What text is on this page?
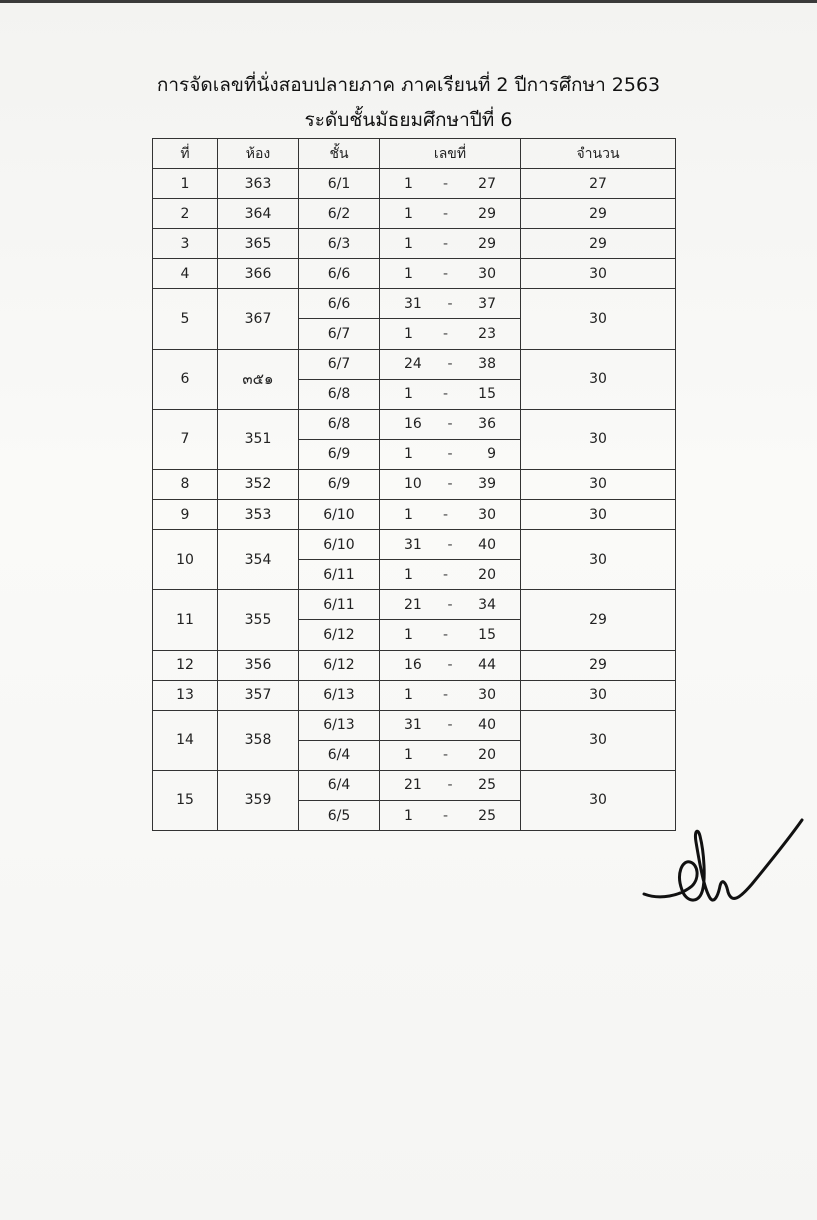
การจัดเลขที่นั่งสอบปลายภาค ภาคเรียนที่ 2 ปีการศึกษา 2563
ระดับชั้นมัธยมศึกษาปีที่ 6
ที่	ห้อง	ชั้น	เลขที่	จำนวน
1	363	6/1	1 - 27	27
2	364	6/2	1 - 29	29
3	365	6/3	1 - 29	29
4	366	6/6	1 - 30	30
5	367	6/6	31 - 37	30
		6/7	1 - 23	

6	๓๕๑	6/7	24 - 38	30
		6/8	1 - 15	

7	351	6/8	16 - 36	30
		6/9	1 - 9	

8	352	6/9	10 - 39	30
9	353	6/10	1 - 30	30
10	354	6/10	31 - 40	30
		6/11	1 - 20	

11	355	6/11	21 - 34	29
		6/12	1 - 15	

12	356	6/12	16 - 44	29
13	357	6/13	1 - 30	30
14	358	6/13	31 - 40	30
		6/4	1 - 20	

15	359	6/4	21 - 25	30
		6/5	1 - 25	
